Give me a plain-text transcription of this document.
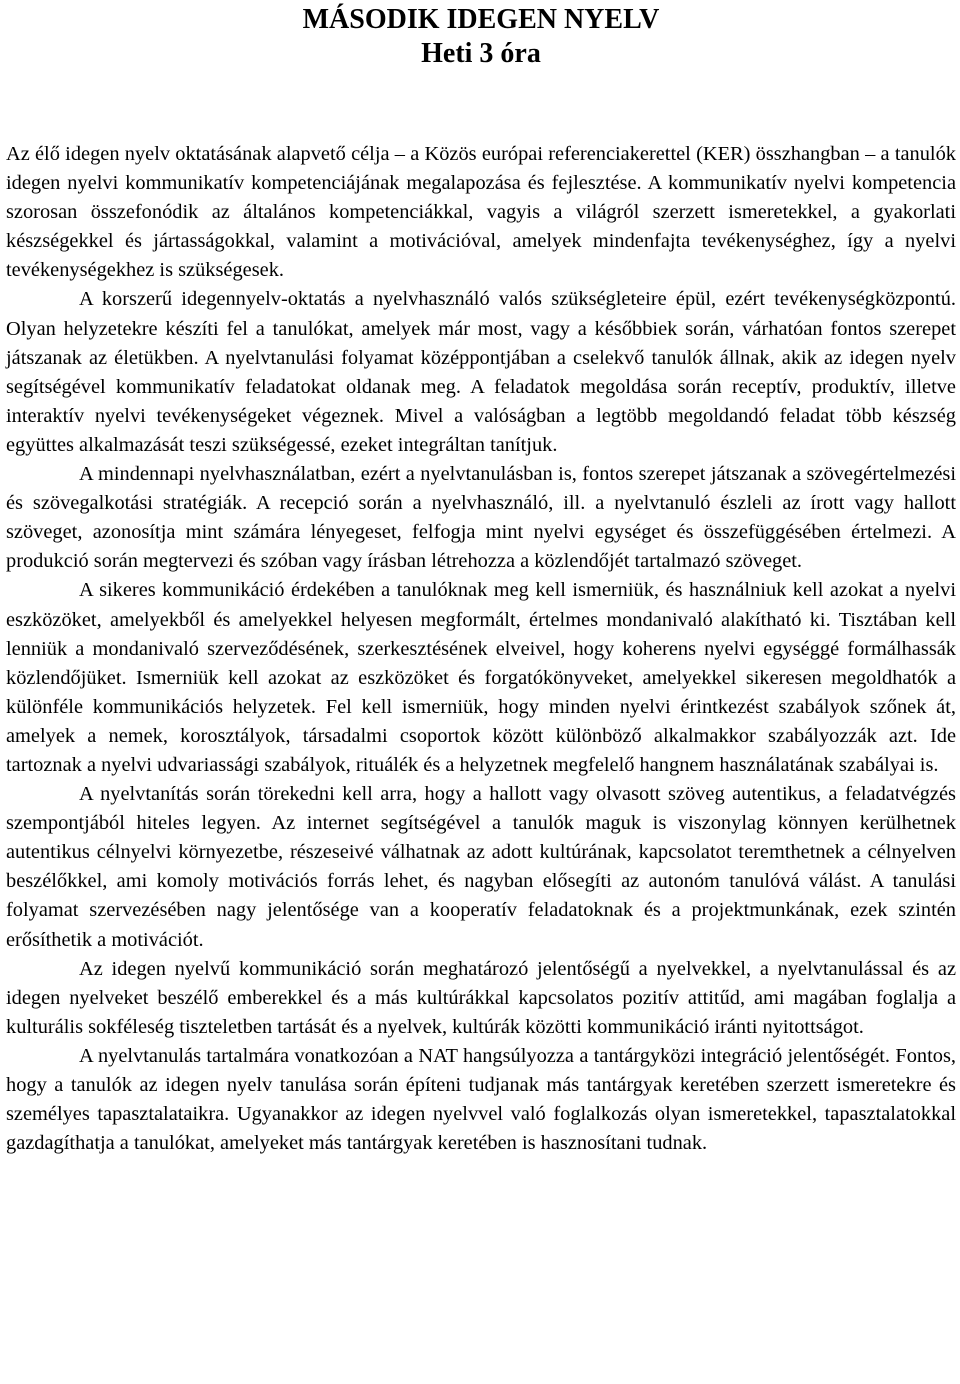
MÁSODIK IDEGEN NYELV
Heti 3 óra

Az élő idegen nyelv oktatásának alapvető célja – a Közös európai referenciakerettel (KER) összhangban – a tanulók idegen nyelvi kommunikatív kompetenciájának megalapozása és fejlesztése. A kommunikatív nyelvi kompetencia szorosan összefonódik az általános kompetenciákkal, vagyis a világról szerzett ismeretekkel, a gyakorlati készségekkel és jártasságokkal, valamint a motivációval, amelyek mindenfajta tevékenységhez, így a nyelvi tevékenységekhez is szükségesek.

A korszerű idegennyelv-oktatás a nyelvhasználó valós szükségleteire épül, ezért tevékenységközpontú. Olyan helyzetekre készíti fel a tanulókat, amelyek már most, vagy a későbbiek során, várhatóan fontos szerepet játszanak az életükben. A nyelvtanulási folyamat középpontjában a cselekvő tanulók állnak, akik az idegen nyelv segítségével kommunikatív feladatokat oldanak meg. A feladatok megoldása során receptív, produktív, illetve interaktív nyelvi tevékenységeket végeznek. Mivel a valóságban a legtöbb megoldandó feladat több készség együttes alkalmazását teszi szükségessé, ezeket integráltan tanítjuk.

A mindennapi nyelvhasználatban, ezért a nyelvtanulásban is, fontos szerepet játszanak a szövegértelmezési és szövegalkotási stratégiák. A recepció során a nyelvhasználó, ill. a nyelvtanuló észleli az írott vagy hallott szöveget, azonosítja mint számára lényegeset, felfogja mint nyelvi egységet és összefüggésében értelmezi. A produkció során megtervezi és szóban vagy írásban létrehozza a közlendőjét tartalmazó szöveget.

A sikeres kommunikáció érdekében a tanulóknak meg kell ismerniük, és használniuk kell azokat a nyelvi eszközöket, amelyekből és amelyekkel helyesen megformált, értelmes mondanivaló alakítható ki. Tisztában kell lenniük a mondanivaló szerveződésének, szerkesztésének elveivel, hogy koherens nyelvi egységgé formálhassák közlendőjüket. Ismerniük kell azokat az eszközöket és forgatókönyveket, amelyekkel sikeresen megoldhatók a különféle kommunikációs helyzetek. Fel kell ismerniük, hogy minden nyelvi érintkezést szabályok szőnek át, amelyek a nemek, korosztályok, társadalmi csoportok között különböző alkalmakkor szabályozzák azt. Ide tartoznak a nyelvi udvariassági szabályok, rituálék és a helyzetnek megfelelő hangnem használatának szabályai is.

A nyelvtanítás során törekedni kell arra, hogy a hallott vagy olvasott szöveg autentikus, a feladatvégzés szempontjából hiteles legyen. Az internet segítségével a tanulók maguk is viszonylag könnyen kerülhetnek autentikus célnyelvi környezetbe, részeseivé válhatnak az adott kultúrának, kapcsolatot teremthetnek a célnyelven beszélőkkel, ami komoly motivációs forrás lehet, és nagyban elősegíti az autonóm tanulóvá válást. A tanulási folyamat szervezésében nagy jelentősége van a kooperatív feladatoknak és a projektmunkának, ezek szintén erősíthetik a motivációt.

Az idegen nyelvű kommunikáció során meghatározó jelentőségű a nyelvekkel, a nyelvtanulással és az idegen nyelveket beszélő emberekkel és a más kultúrákkal kapcsolatos pozitív attitűd, ami magában foglalja a kulturális sokféleség tiszteletben tartását és a nyelvek, kultúrák közötti kommunikáció iránti nyitottságot.

A nyelvtanulás tartalmára vonatkozóan a NAT hangsúlyozza a tantárgyközi integráció jelentőségét. Fontos, hogy a tanulók az idegen nyelv tanulása során építeni tudjanak más tantárgyak keretében szerzett ismeretekre és személyes tapasztalataikra. Ugyanakkor az idegen nyelvvel való foglalkozás olyan ismeretekkel, tapasztalatokkal gazdagíthatja a tanulókat, amelyeket más tantárgyak keretében is hasznosítani tudnak.
